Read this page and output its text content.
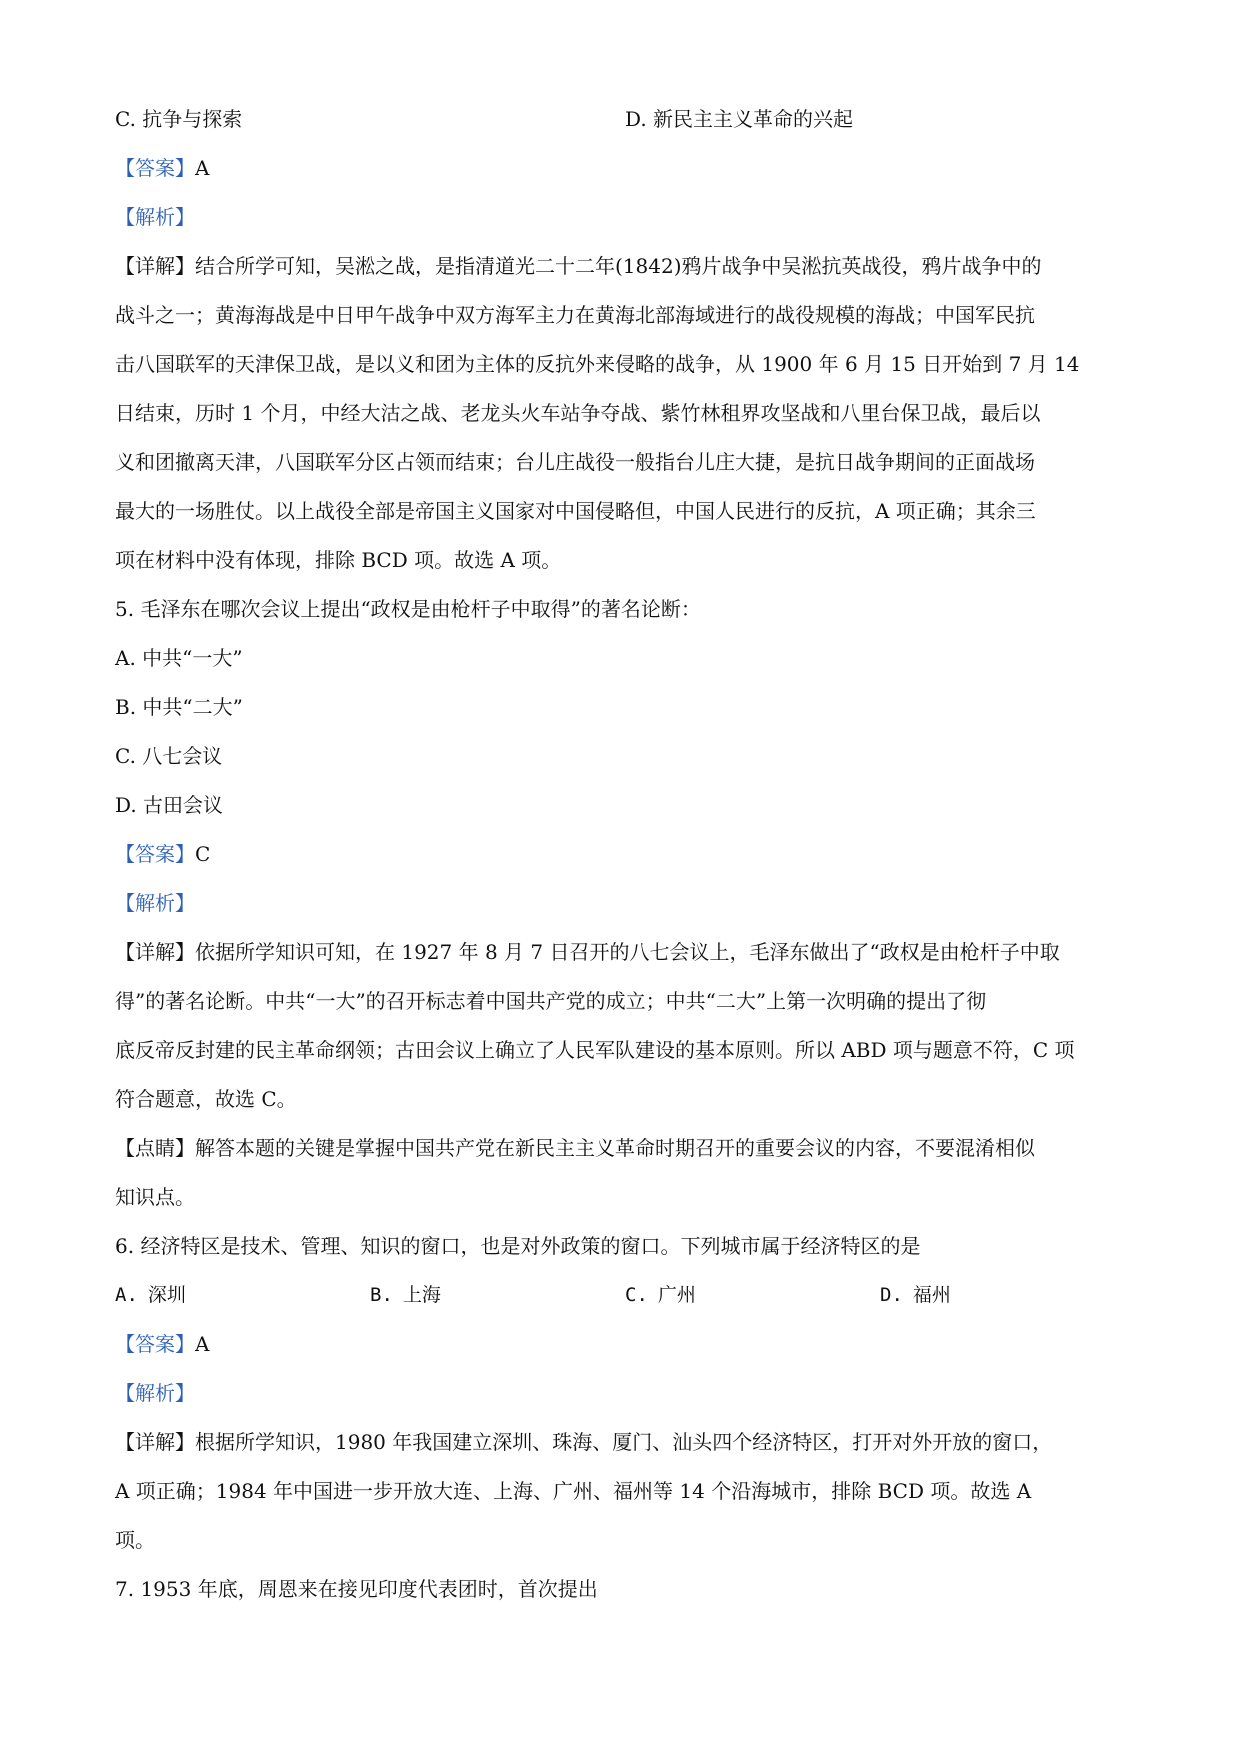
C. 抗争与探索	D. 新民主主义革命的兴起
【答案】A
【解析】
【详解】结合所学可知，吴淞之战，是指清道光二十二年(1842)鸦片战争中吴淞抗英战役，鸦片战争中的
战斗之一；黄海海战是中日甲午战争中双方海军主力在黄海北部海域进行的战役规模的海战；中国军民抗
击八国联军的天津保卫战，是以义和团为主体的反抗外来侵略的战争，从 1900 年 6 月 15 日开始到 7 月 14
日结束，历时 1 个月，中经大沽之战、老龙头火车站争夺战、紫竹林租界攻坚战和八里台保卫战，最后以
义和团撤离天津，八国联军分区占领而结束；台儿庄战役一般指台儿庄大捷，是抗日战争期间的正面战场
最大的一场胜仗。以上战役全部是帝国主义国家对中国侵略但，中国人民进行的反抗，A 项正确；其余三
项在材料中没有体现，排除 BCD 项。故选 A 项。
5. 毛泽东在哪次会议上提出“政权是由枪杆子中取得”的著名论断：
A. 中共“一大”
B. 中共“二大”
C. 八七会议
D. 古田会议
【答案】C
【解析】
【详解】依据所学知识可知，在 1927 年 8 月 7 日召开的八七会议上，毛泽东做出了“政权是由枪杆子中取
得”的著名论断。中共“一大”的召开标志着中国共产党的成立；中共“二大”上第一次明确的提出了彻
底反帝反封建的民主革命纲领；古田会议上确立了人民军队建设的基本原则。所以 ABD 项与题意不符，C 项
符合题意，故选 C。
【点睛】解答本题的关键是掌握中国共产党在新民主主义革命时期召开的重要会议的内容，不要混淆相似
知识点。
6. 经济特区是技术、管理、知识的窗口，也是对外政策的窗口。下列城市属于经济特区的是
A. 深圳	B. 上海	C. 广州	D. 福州
【答案】A
【解析】
【详解】根据所学知识，1980 年我国建立深圳、珠海、厦门、汕头四个经济特区，打开对外开放的窗口，
A 项正确；1984 年中国进一步开放大连、上海、广州、福州等 14 个沿海城市，排除 BCD 项。故选 A
项。
7. 1953 年底，周恩来在接见印度代表团时，首次提出
